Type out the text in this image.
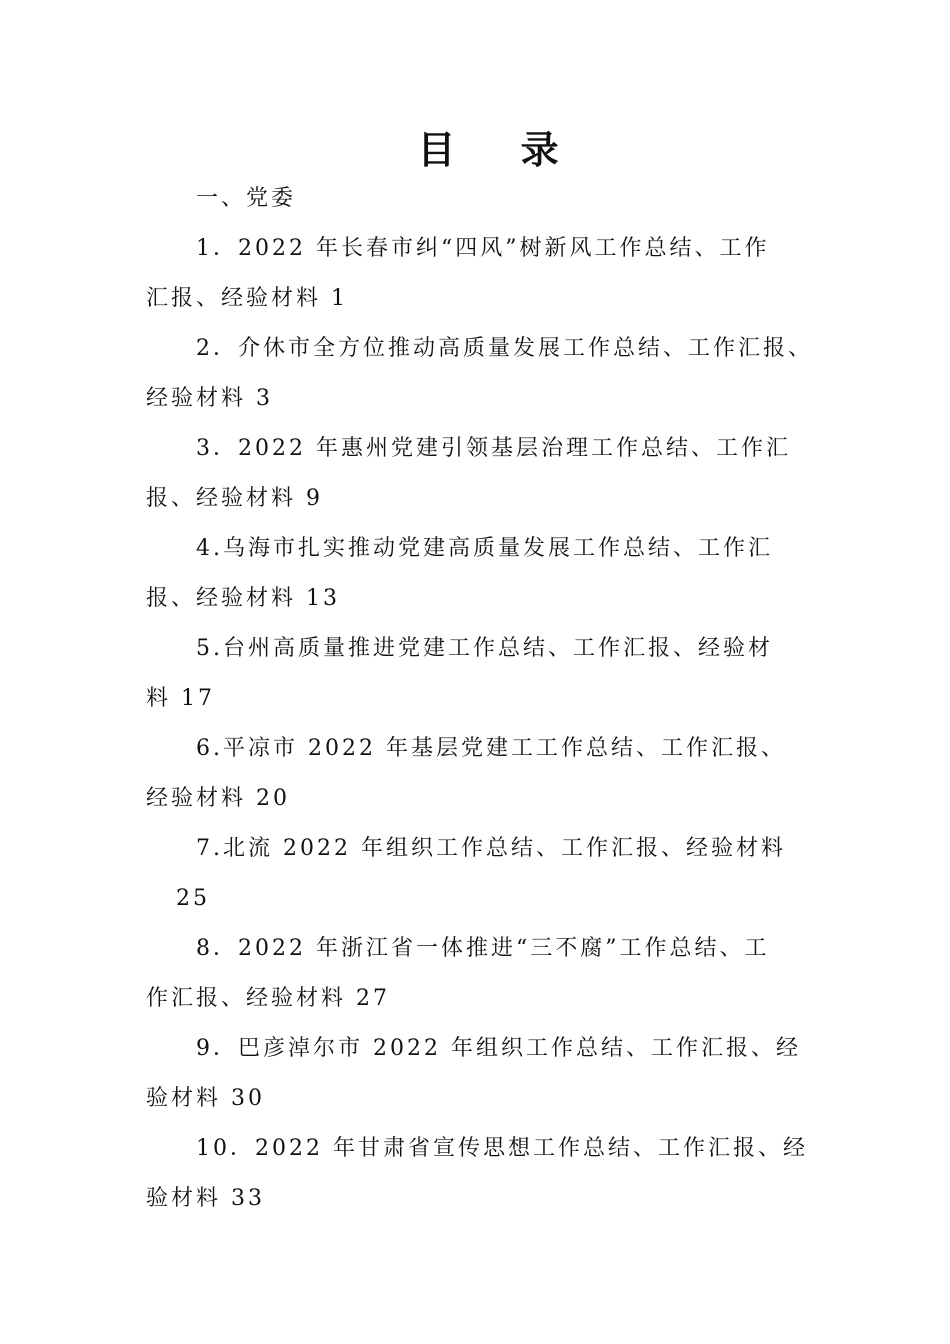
目 录
一、党委
1．2022 年长春市纠“四风”树新风工作总结、工作
汇报、经验材料 1
2．介休市全方位推动高质量发展工作总结、工作汇报、
经验材料 3
3．2022 年惠州党建引领基层治理工作总结、工作汇
报、经验材料 9
4.乌海市扎实推动党建高质量发展工作总结、工作汇
报、经验材料 13
5.台州高质量推进党建工作总结、工作汇报、经验材
料 17
6.平凉市 2022 年基层党建工工作总结、工作汇报、
经验材料 20
7.北流 2022 年组织工作总结、工作汇报、经验材料
25
8．2022 年浙江省一体推进“三不腐”工作总结、工
作汇报、经验材料 27
9．巴彦淖尔市 2022 年组织工作总结、工作汇报、经
验材料 30
10．2022 年甘肃省宣传思想工作总结、工作汇报、经
验材料 33
